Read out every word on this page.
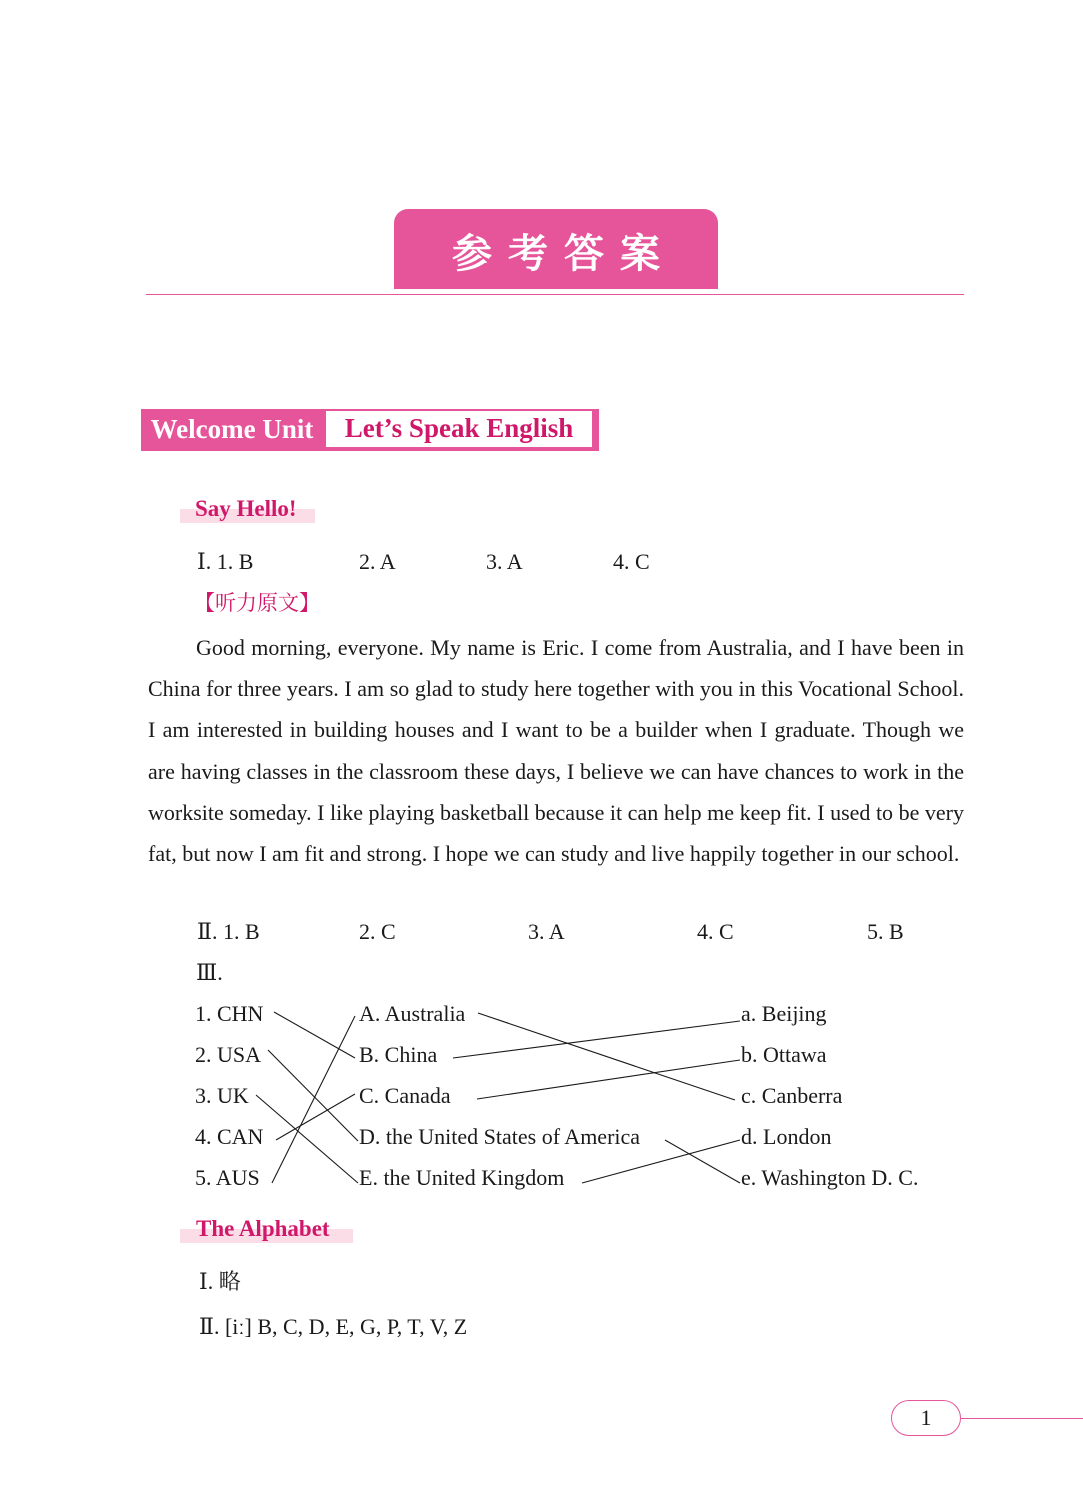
参考答案
Welcome Unit	Let’s Speak English
Say Hello!
Ⅰ. 1. B	2. A	3. A	4. C
【听力原文】
Good morning, everyone. My name is Eric. I come from Australia, and I have been in China for three years. I am so glad to study here together with you in this Vocational School. I am interested in building houses and I want to be a builder when I graduate. Though we are having classes in the classroom these days, I believe we can have chances to work in the worksite someday. I like playing basketball because it can help me keep fit. I used to be very fat, but now I am fit and strong. I hope we can study and live happily together in our school.
Ⅱ. 1. B	2. C	3. A	4. C	5. B
Ⅲ.
1. CHN
2. USA
3. UK
4. CAN
5. AUS
A. Australia
B. China
C. Canada
D. the United States of America
E. the United Kingdom
a. Beijing
b. Ottawa
c. Canberra
d. London
e. Washington D. C.
The Alphabet
Ⅰ. 略
Ⅱ. [iː] B, C, D, E, G, P, T, V, Z
1
